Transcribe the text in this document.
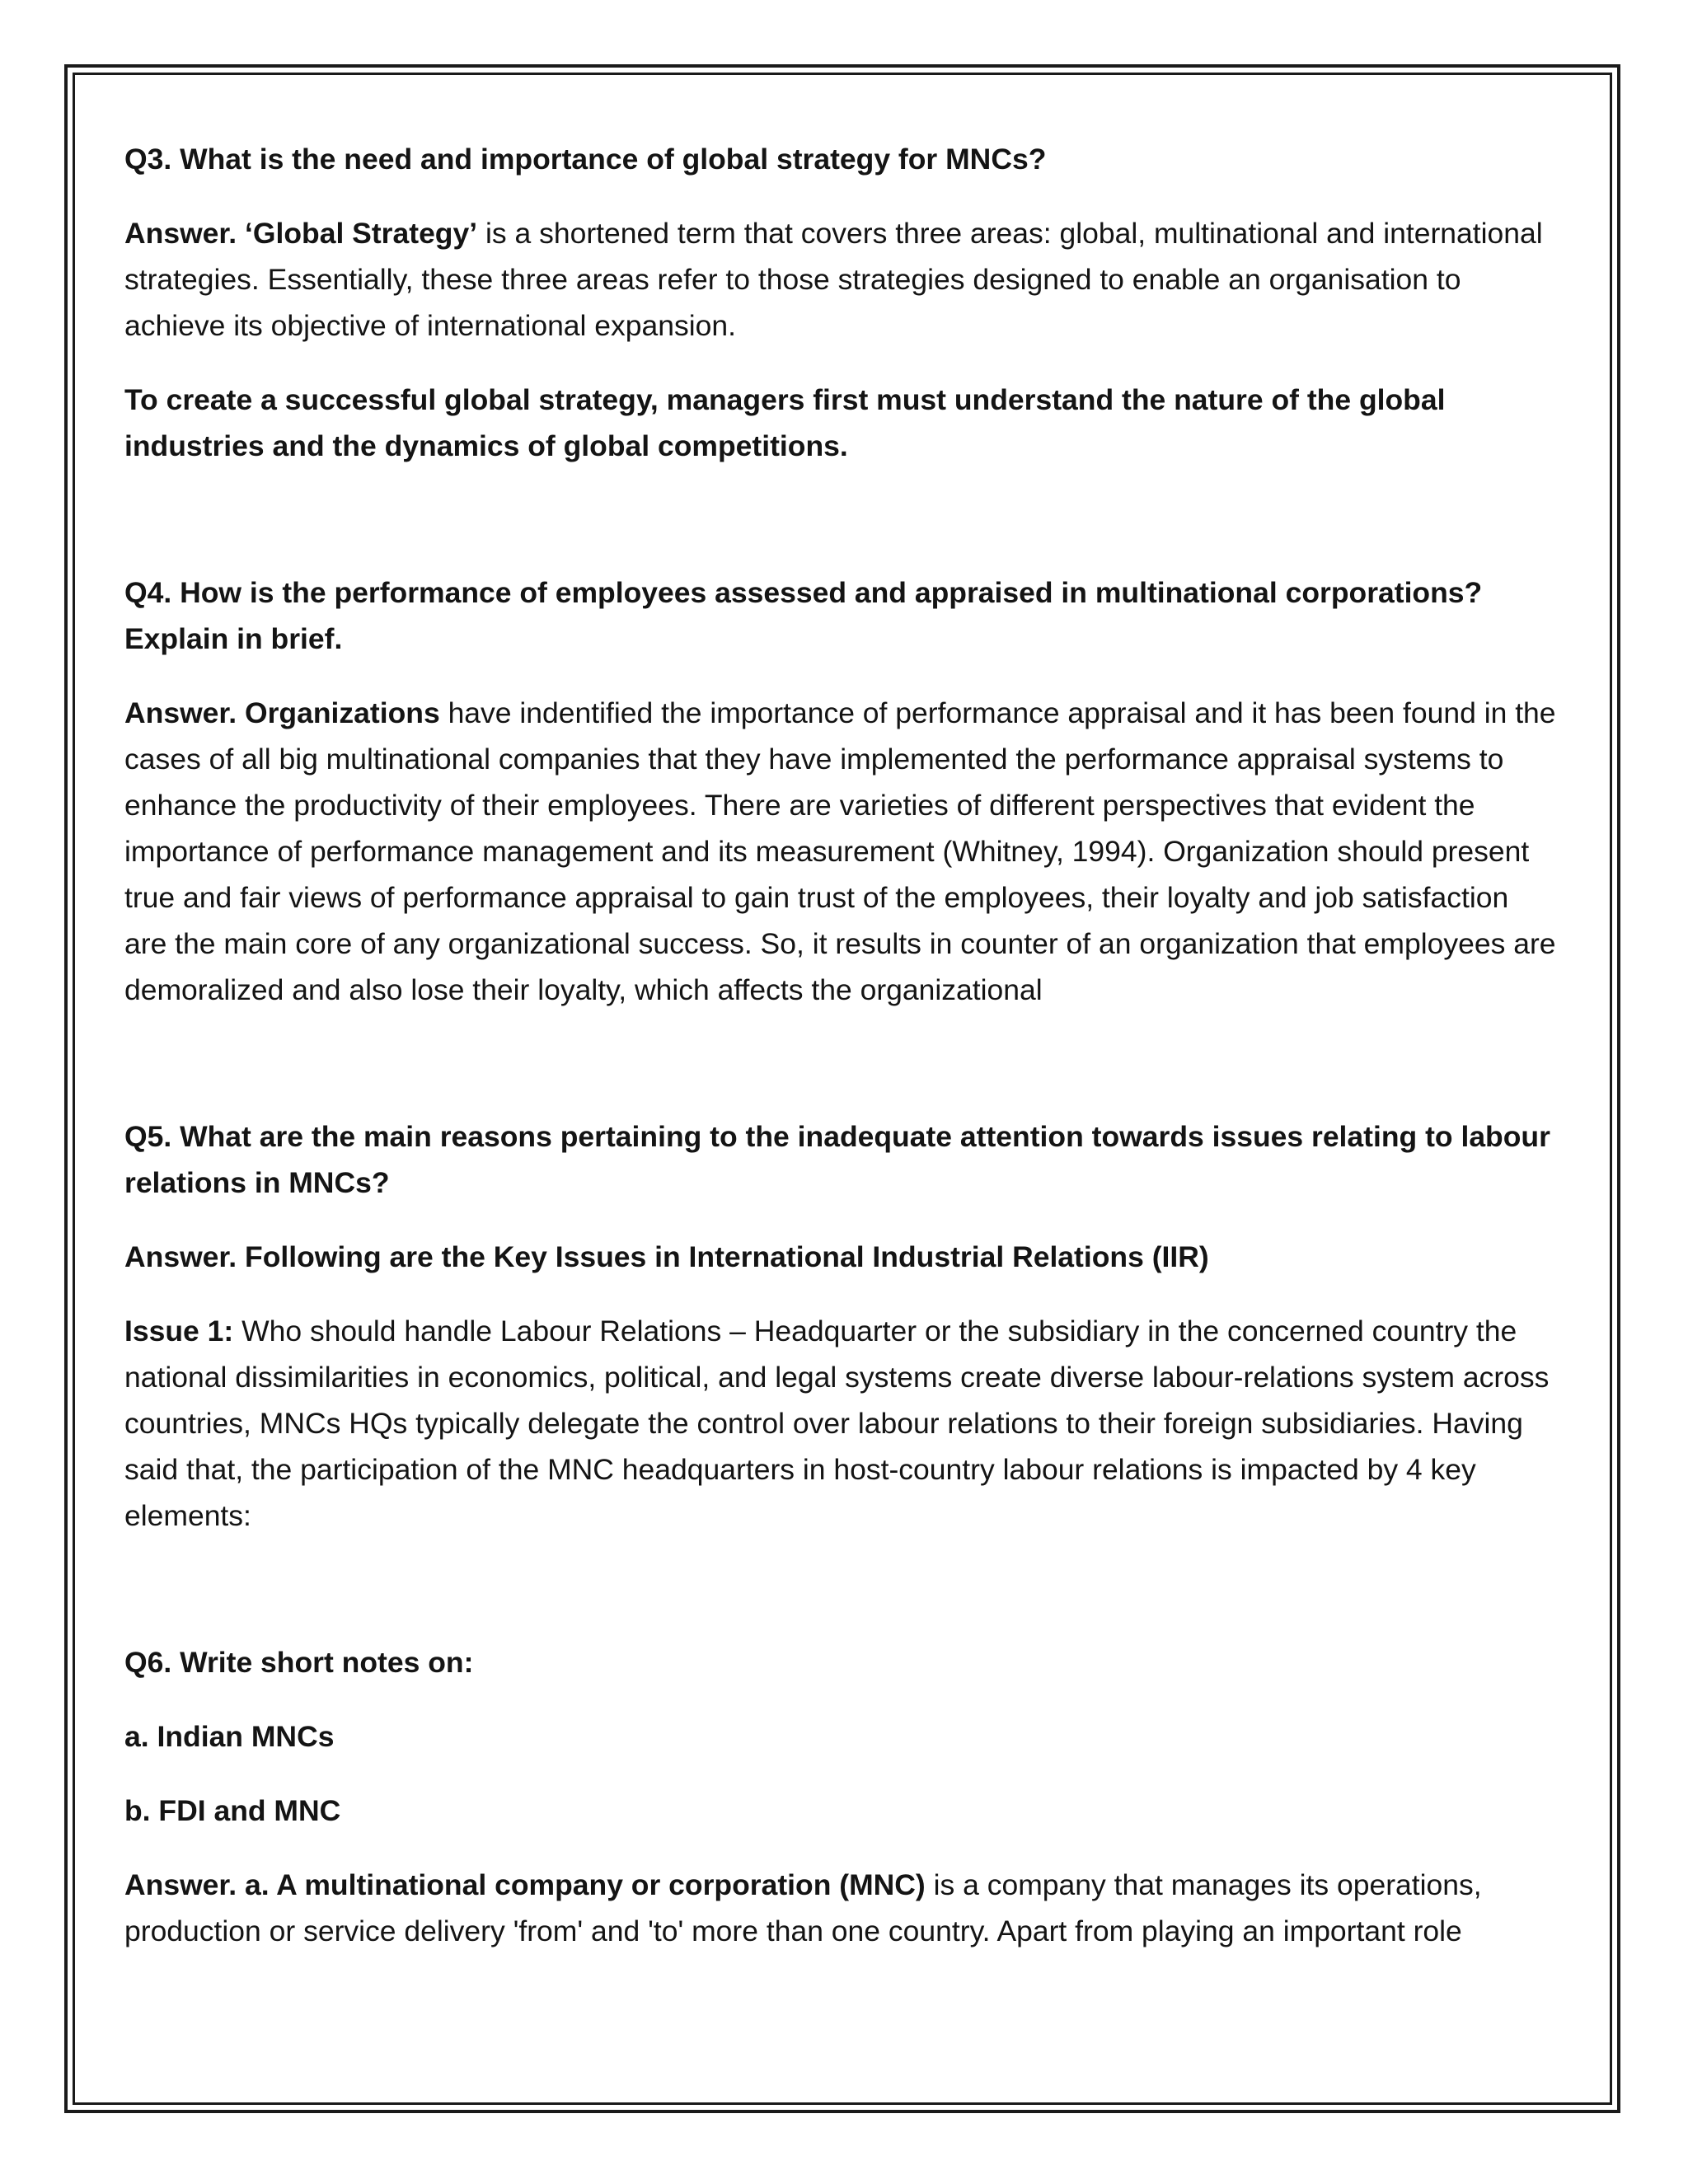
Q3. What is the need and importance of global strategy for MNCs?

Answer. ‘Global Strategy’ is a shortened term that covers three areas: global, multinational and international strategies. Essentially, these three areas refer to those strategies designed to enable an organisation to achieve its objective of international expansion.

To create a successful global strategy, managers first must understand the nature of the global industries and the dynamics of global competitions.

Q4. How is the performance of employees assessed and appraised in multinational corporations? Explain in brief.

Answer. Organizations have indentified the importance of performance appraisal and it has been found in the cases of all big multinational companies that they have implemented the performance appraisal systems to enhance the productivity of their employees. There are varieties of different perspectives that evident the importance of performance management and its measurement (Whitney, 1994). Organization should present true and fair views of performance appraisal to gain trust of the employees, their loyalty and job satisfaction are the main core of any organizational success. So, it results in counter of an organization that employees are demoralized and also lose their loyalty, which affects the organizational

Q5. What are the main reasons pertaining to the inadequate attention towards issues relating to labour relations in MNCs?

Answer. Following are the Key Issues in International Industrial Relations (IIR)

Issue 1: Who should handle Labour Relations – Headquarter or the subsidiary in the concerned country the national dissimilarities in economics, political, and legal systems create diverse labour-relations system across countries, MNCs HQs typically delegate the control over labour relations to their foreign subsidiaries. Having said that, the participation of the MNC headquarters in host-country labour relations is impacted by 4 key elements:

Q6. Write short notes on:

a. Indian MNCs

b. FDI and MNC

Answer. a. A multinational company or corporation (MNC) is a company that manages its operations, production or service delivery 'from' and 'to' more than one country. Apart from playing an important role
